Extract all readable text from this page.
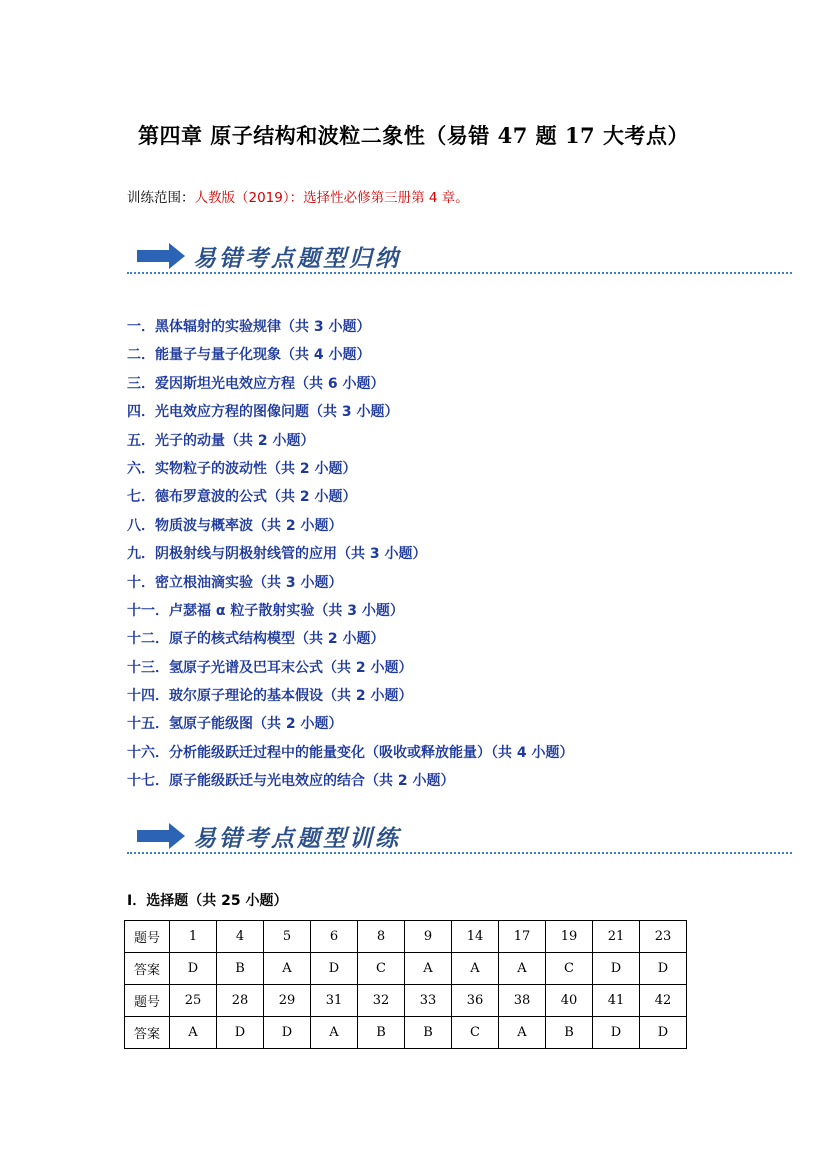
第四章 原子结构和波粒二象性（易错 47 题 17 大考点）
训练范围：人教版（2019）：选择性必修第三册第 4 章。
易错考点题型归纳
一．黑体辐射的实验规律（共 3 小题）
二．能量子与量子化现象（共 4 小题）
三．爱因斯坦光电效应方程（共 6 小题）
四．光电效应方程的图像问题（共 3 小题）
五．光子的动量（共 2 小题）
六．实物粒子的波动性（共 2 小题）
七．德布罗意波的公式（共 2 小题）
八．物质波与概率波（共 2 小题）
九．阴极射线与阴极射线管的应用（共 3 小题）
十．密立根油滴实验（共 3 小题）
十一．卢瑟福 α 粒子散射实验（共 3 小题）
十二．原子的核式结构模型（共 2 小题）
十三．氢原子光谱及巴耳末公式（共 2 小题）
十四．玻尔原子理论的基本假设（共 2 小题）
十五．氢原子能级图（共 2 小题）
十六．分析能级跃迁过程中的能量变化（吸收或释放能量）（共 4 小题）
十七．原子能级跃迁与光电效应的结合（共 2 小题）
易错考点题型训练
Ⅰ．选择题（共 25 小题）
题号	1	4	5	6	8	9	14	17	19	21	23
答案	D	B	A	D	C	A	A	A	C	D	D
题号	25	28	29	31	32	33	36	38	40	41	42
答案	A	D	D	A	B	B	C	A	B	D	D
